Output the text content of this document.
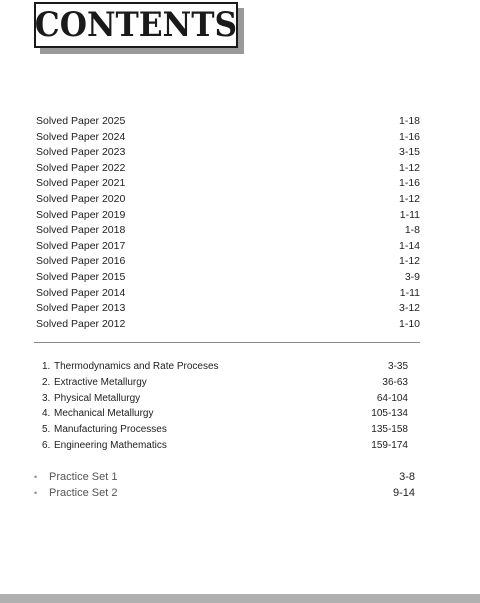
CONTENTS
Solved Paper 2025	1-18
Solved Paper 2024	1-16
Solved Paper 2023	3-15
Solved Paper 2022	1-12
Solved Paper 2021	1-16
Solved Paper 2020	1-12
Solved Paper 2019	1-11
Solved Paper 2018	1-8
Solved Paper 2017	1-14
Solved Paper 2016	1-12
Solved Paper 2015	3-9
Solved Paper 2014	1-11
Solved Paper 2013	3-12
Solved Paper 2012	1-10
1. Thermodynamics and Rate Proceses	3-35
2. Extractive Metallurgy	36-63
3. Physical Metallurgy	64-104
4. Mechanical Metallurgy	105-134
5. Manufacturing Processes	135-158
6. Engineering Mathematics	159-174
•	Practice Set 1	3-8
•	Practice Set 2	9-14
